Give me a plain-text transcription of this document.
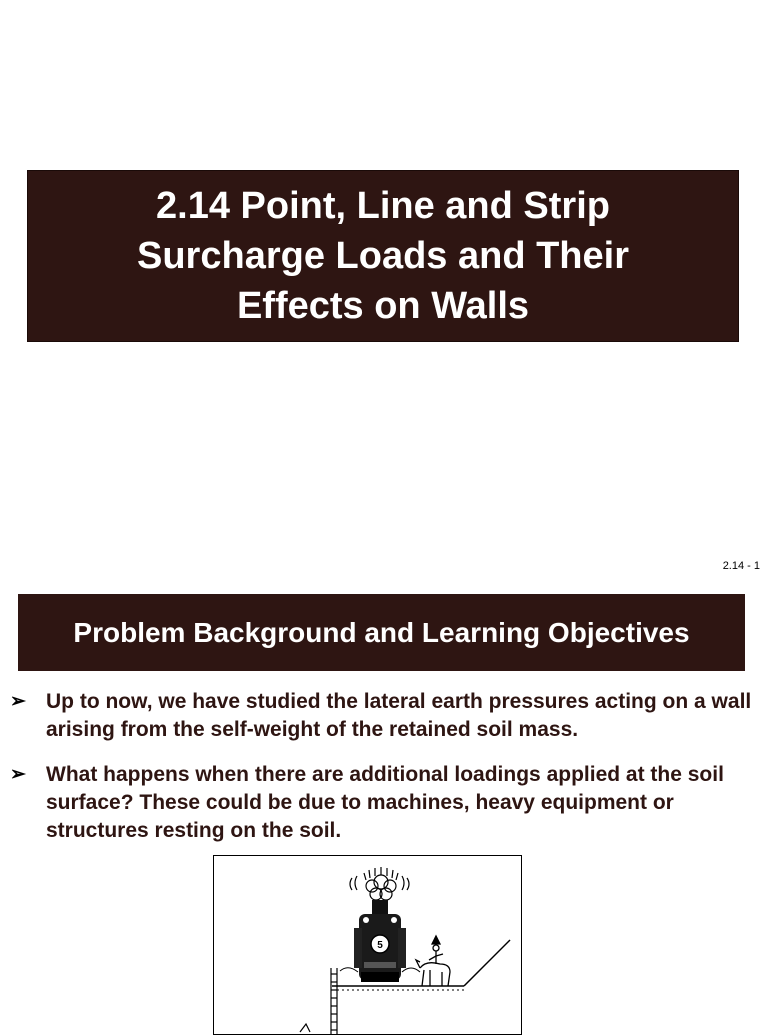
2.14 Point, Line and Strip
Surcharge Loads and Their
Effects on Walls
2.14 - 1
Problem Background and Learning Objectives
➢ Up to now, we have studied the lateral earth pressures acting on a wall arising from the self-weight of the retained soil mass.
➢ What happens when there are additional loadings applied at the soil surface? These could be due to machines, heavy equipment or structures resting on the soil.
5
